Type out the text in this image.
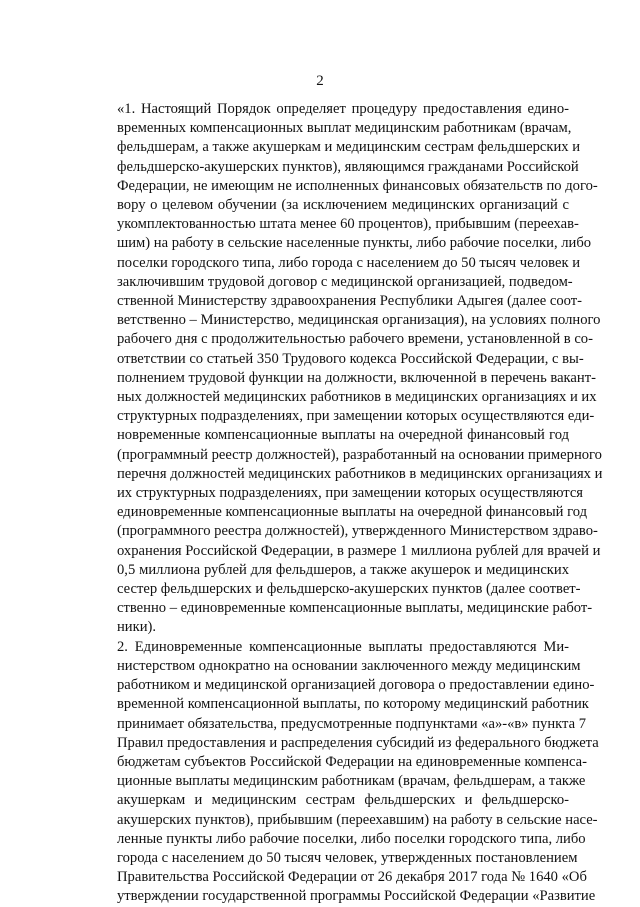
2
«1. Настоящий Порядок определяет процедуру предоставления едино-
временных компенсационных выплат медицинским работникам (врачам,
фельдшерам, а также акушеркам и медицинским сестрам фельдшерских и
фельдшерско-акушерских пунктов), являющимся гражданами Российской
Федерации, не имеющим не исполненных финансовых обязательств по дого-
вору о целевом обучении (за исключением медицинских организаций с
укомплектованностью штата менее 60 процентов), прибывшим (переехав-
шим) на работу в сельские населенные пункты, либо рабочие поселки, либо
поселки городского типа, либо города с населением до 50 тысяч человек и
заключившим трудовой договор с медицинской организацией, подведом-
ственной Министерству здравоохранения Республики Адыгея (далее соот-
ветственно – Министерство, медицинская организация), на условиях полного
рабочего дня с продолжительностью рабочего времени, установленной в со-
ответствии со статьей 350 Трудового кодекса Российской Федерации, с вы-
полнением трудовой функции на должности, включенной в перечень вакант-
ных должностей медицинских работников в медицинских организациях и их
структурных подразделениях, при замещении которых осуществляются еди-
новременные компенсационные выплаты на очередной финансовый год
(программный реестр должностей), разработанный на основании примерного
перечня должностей медицинских работников в медицинских организациях и
их структурных подразделениях, при замещении которых осуществляются
единовременные компенсационные выплаты на очередной финансовый год
(программного реестра должностей), утвержденного Министерством здраво-
охранения Российской Федерации, в размере 1 миллиона рублей для врачей и
0,5 миллиона рублей для фельдшеров, а также акушерок и медицинских
сестер фельдшерских и фельдшерско-акушерских пунктов (далее соответ-
ственно – единовременные компенсационные выплаты, медицинские работ-
ники).
2. Единовременные компенсационные выплаты предоставляются Ми-
нистерством однократно на основании заключенного между медицинским
работником и медицинской организацией договора о предоставлении едино-
временной компенсационной выплаты, по которому медицинский работник
принимает обязательства, предусмотренные подпунктами «а»-«в» пункта 7
Правил предоставления и распределения субсидий из федерального бюджета
бюджетам субъектов Российской Федерации на единовременные компенса-
ционные выплаты медицинским работникам (врачам, фельдшерам, а также
акушеркам и медицинским сестрам фельдшерских и фельдшерско-
акушерских пунктов), прибывшим (переехавшим) на работу в сельские насе-
ленные пункты либо рабочие поселки, либо поселки городского типа, либо
города с населением до 50 тысяч человек, утвержденных постановлением
Правительства Российской Федерации от 26 декабря 2017 года № 1640 «Об
утверждении государственной программы Российской Федерации «Развитие
